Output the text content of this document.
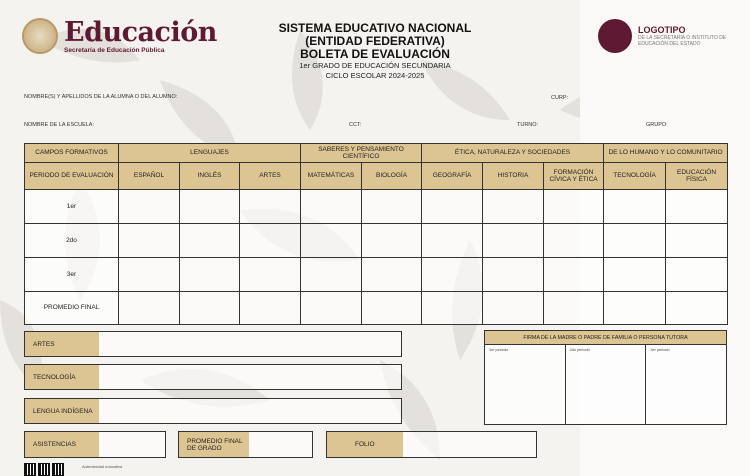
Educación
Secretaría de Educación Pública
SISTEMA EDUCATIVO NACIONAL
(ENTIDAD FEDERATIVA)
BOLETA DE EVALUACIÓN
1er GRADO DE EDUCACIÓN SECUNDARIA
CICLO ESCOLAR 2024-2025
LOGOTIPO
DE LA SECRETARÍA O INSTITUTO DE EDUCACIÓN DEL ESTADO
NOMBRE(S) Y APELLIDOS DE LA ALUMNA O DEL ALUMNO:	CURP:
NOMBRE DE LA ESCUELA:	CCT:	TURNO:	GRUPO:
CAMPOS FORMATIVOS	LENGUAJES			SABERES Y PENSAMIENTO CIENTÍFICO		ÉTICA, NATURALEZA Y SOCIEDADES			DE LO HUMANO Y LO COMUNITARIO	
PERIODO DE EVALUACIÓN	ESPAÑOL	INGLÉS	ARTES	MATEMÁTICAS	BIOLOGÍA	GEOGRAFÍA	HISTORIA	FORMACIÓN CÍVICA Y ÉTICA	TECNOLOGÍA	EDUCACIÓN FÍSICA
1er										
2do										
3er										
PROMEDIO FINAL										
ARTES
TECNOLOGÍA
LENGUA INDÍGENA
ASISTENCIAS	PROMEDIO FINAL DE GRADO	FOLIO
FIRMA DE LA MADRE O PADRE DE FAMILIA O PERSONA TUTORA
1er periodo	2do periodo	3er periodo
Autenticidad educativa
